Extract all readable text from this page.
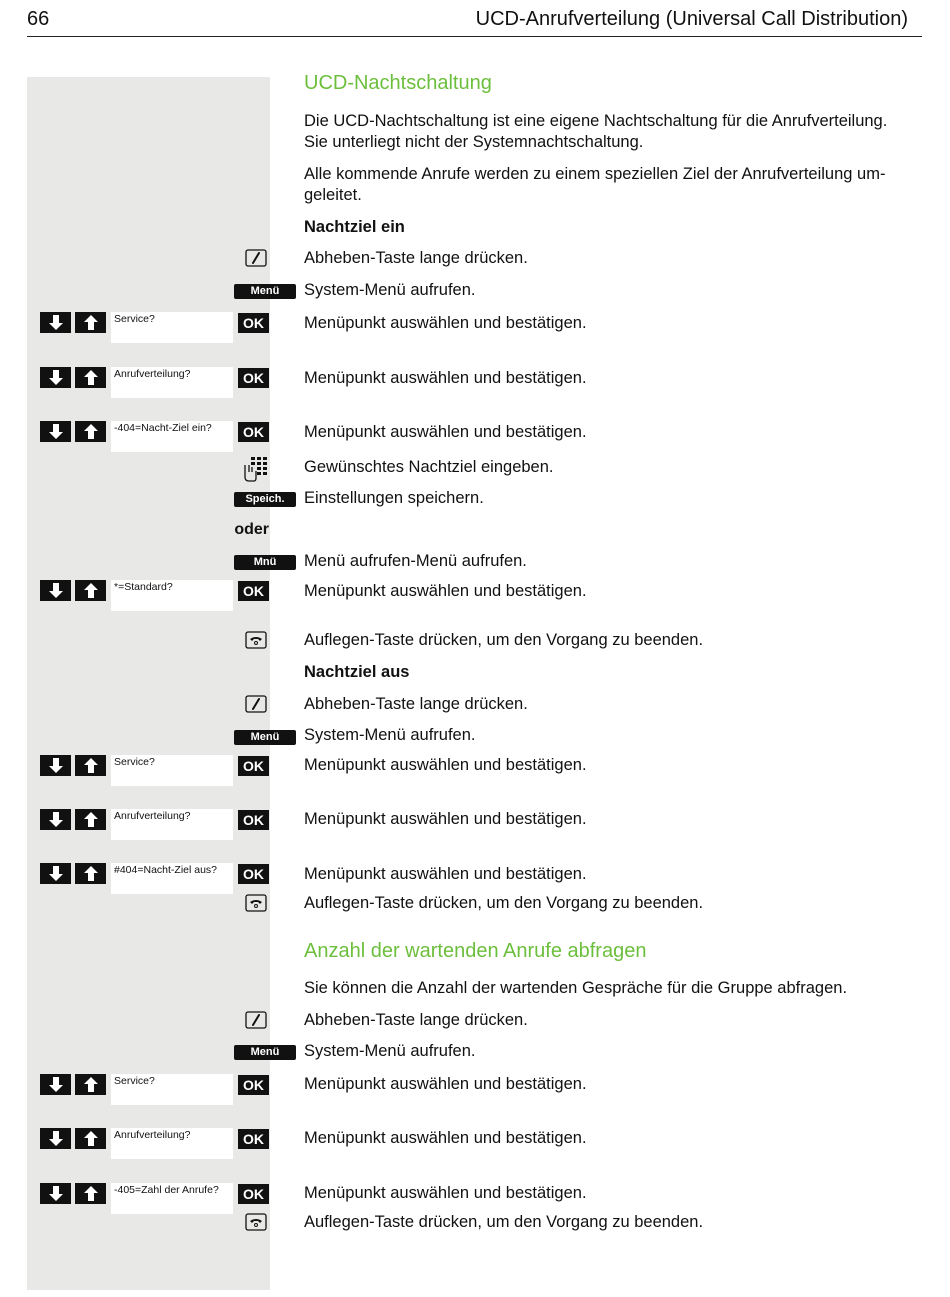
66	UCD-Anrufverteilung (Universal Call Distribution)
UCD-Nachtschaltung
Die UCD-Nachtschaltung ist eine eigene Nachtschaltung für die Anrufverteilung.
Sie unterliegt nicht der Systemnachtschaltung.
Alle kommende Anrufe werden zu einem speziellen Ziel der Anrufverteilung um-
geleitet.
Nachtziel ein
Abheben-Taste lange drücken.
Menü	System-Menü aufrufen.
Service?	OK	Menüpunkt auswählen und bestätigen.
Anrufverteilung?	OK	Menüpunkt auswählen und bestätigen.
‐404=Nacht-Ziel ein?	OK	Menüpunkt auswählen und bestätigen.
Gewünschtes Nachtziel eingeben.
Speich.	Einstellungen speichern.
oder
Mnü	Menü aufrufen-Menü aufrufen.
*=Standard?	OK	Menüpunkt auswählen und bestätigen.
Auflegen-Taste drücken, um den Vorgang zu beenden.
Nachtziel aus
Abheben-Taste lange drücken.
Menü	System-Menü aufrufen.
Service?	OK	Menüpunkt auswählen und bestätigen.
Anrufverteilung?	OK	Menüpunkt auswählen und bestätigen.
#404=Nacht-Ziel aus?	OK	Menüpunkt auswählen und bestätigen.
Auflegen-Taste drücken, um den Vorgang zu beenden.
Anzahl der wartenden Anrufe abfragen
Sie können die Anzahl der wartenden Gespräche für die Gruppe abfragen.
Abheben-Taste lange drücken.
Menü	System-Menü aufrufen.
Service?	OK	Menüpunkt auswählen und bestätigen.
Anrufverteilung?	OK	Menüpunkt auswählen und bestätigen.
‐405=Zahl der Anrufe?	OK	Menüpunkt auswählen und bestätigen.
Auflegen-Taste drücken, um den Vorgang zu beenden.
